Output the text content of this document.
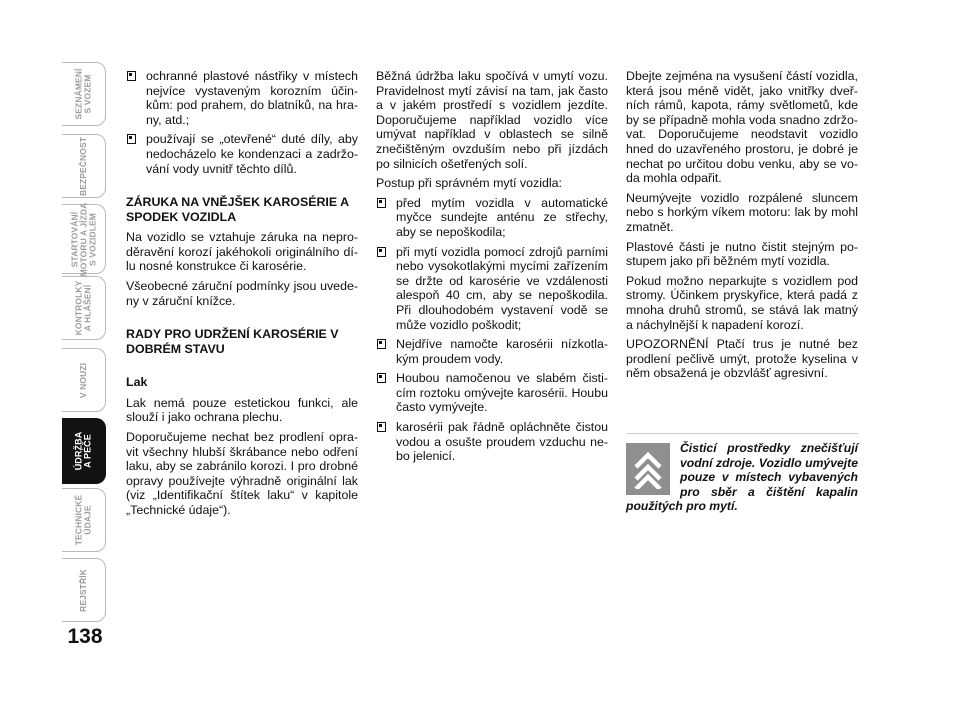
SEZNÁMENÍ
S VOZEM
BEZPEČNOST
STARTOVÁNÍ
MOTORU A JÍZDA
S VOZIDLEM
KONTROLKY
A HLÁŠENÍ
V NOUZI
ÚDRŽBA
A PÉČE
TECHNICKÉ
ÚDAJE
REJSTŘÍK
138
ochranné plastové nástřiky v místech nejvíce vystaveným korozním účinkům: pod prahem, do blatníků, na hrany, atd.;
používají se „otevřené“ duté díly, aby nedocházelo ke kondenzaci a zadržování vody uvnitř těchto dílů.
ZÁRUKA NA VNĚJŠEK KAROSÉRIE A SPODEK VOZIDLA

Na vozidlo se vztahuje záruka na neproděravění korozí jakéhokoli originálního dílu nosné konstrukce či karosérie.

Všeobecné záruční podmínky jsou uvedeny v záruční knížce.

RADY PRO UDRŽENÍ KAROSÉRIE V DOBRÉM STAVU
Lak

Lak nemá pouze estetickou funkci, ale slouží i jako ochrana plechu.

Doporučujeme nechat bez prodlení opravit všechny hlubší škrábance nebo odření laku, aby se zabránilo korozi. I pro drobné opravy používejte výhradně originální lak (viz „Identifikační štítek laku“ v kapitole „Technické údaje“).

Běžná údržba laku spočívá v umytí vozu. Pravidelnost mytí závisí na tam, jak často a v jakém prostředí s vozidlem jezdíte. Doporučujeme například vozidlo více umývat například v oblastech se silně znečištěným ovzduším nebo při jízdách po silnicích ošetřených solí.

Postup při správném mytí vozidla:

před mytím vozidla v automatické myčce sundejte anténu ze střechy, aby se nepoškodila;
při mytí vozidla pomocí zdrojů parními nebo vysokotlakými mycími zařízením se držte od karosérie ve vzdálenosti alespoň 40 cm, aby se nepoškodila. Při dlouhodobém vystavení vodě se může vozidlo poškodit;
Nejdříve namočte karosérii nízkotlakým proudem vody.
Houbou namočenou ve slabém čisticím roztoku omývejte karosérii. Houbu často vymývejte.
karosérii pak řádně opláchněte čistou vodou a osušte proudem vzduchu nebo jelenicí.

Dbejte zejména na vysušení částí vozidla, která jsou méně vidět, jako vnitřky dveřních rámů, kapota, rámy světlometů, kde by se případně mohla voda snadno zdržovat. Doporučujeme neodstavit vozidlo hned do uzavřeného prostoru, je dobré je nechat po určitou dobu venku, aby se voda mohla odpařit.

Neumývejte vozidlo rozpálené sluncem nebo s horkým víkem motoru: lak by mohl zmatnět.

Plastové části je nutno čistit stejným postupem jako při běžném mytí vozidla.

Pokud možno neparkujte s vozidlem pod stromy. Účinkem pryskyřice, která padá z mnoha druhů stromů, se stává lak matný a náchylnější k napadení korozí.

UPOZORNĚNÍ Ptačí trus je nutné bez prodlení pečlivě umýt, protože kyselina v něm obsažená je obzvlášť agresivní.

Čisticí prostředky znečišťují vodní zdroje. Vozidlo umývejte pouze v místech vybavených pro sběr a čištění kapalin použitých pro mytí.
